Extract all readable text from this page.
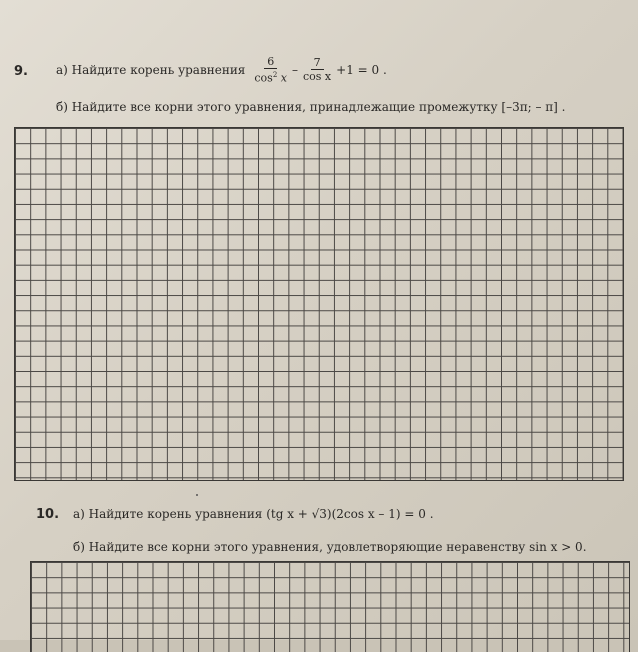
9. а) Найдите корень уравнения $\frac{6}{\cos^2 x} - \frac{7}{\text{cos x}} +1 = 0$ .
б) Найдите все корни этого уравнения, принадлежащие промежутку [–3π; – π] .
10. а) Найдите корень уравнения (tg x + √3)(2cos x – 1) = 0 .
б) Найдите все корни этого уравнения, удовлетворяющие неравенству sin x > 0.
